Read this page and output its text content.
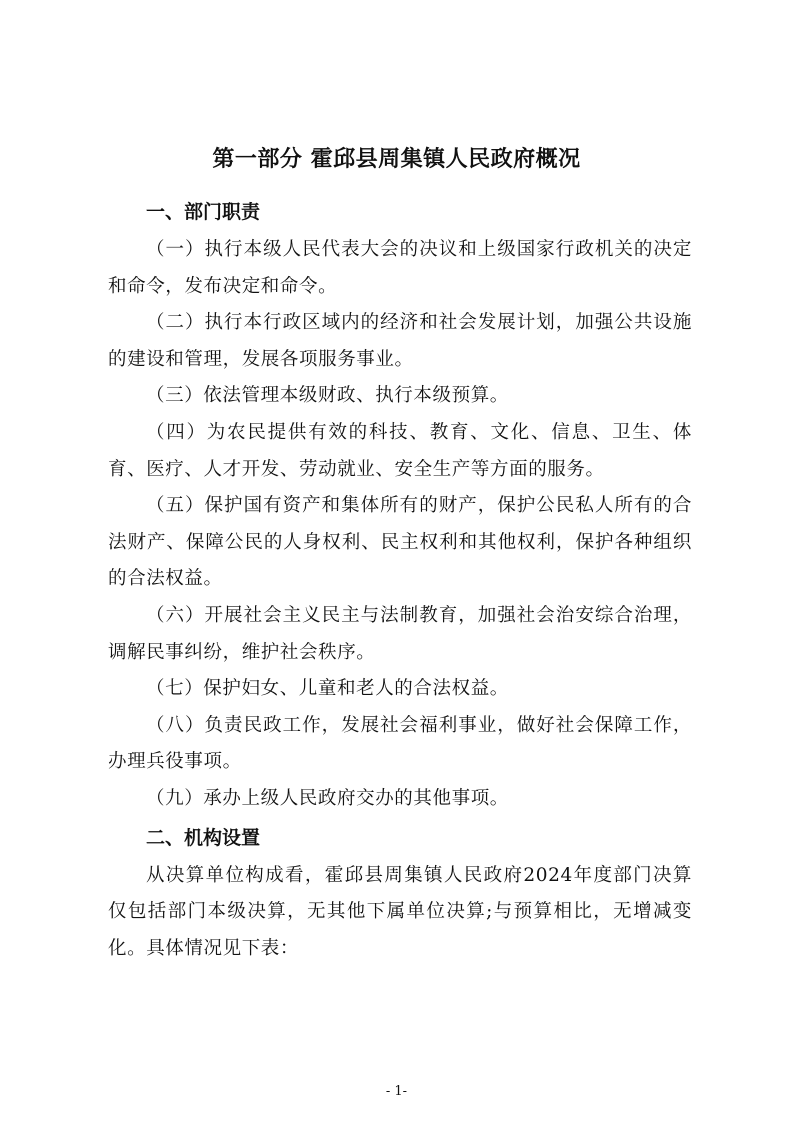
第一部分 霍邱县周集镇人民政府概况

一、部门职责

（一）执行本级人民代表大会的决议和上级国家行政机关的决定和命令，发布决定和命令。

（二）执行本行政区域内的经济和社会发展计划，加强公共设施的建设和管理，发展各项服务事业。

（三）依法管理本级财政、执行本级预算。

（四）为农民提供有效的科技、教育、文化、信息、卫生、体育、医疗、人才开发、劳动就业、安全生产等方面的服务。

（五）保护国有资产和集体所有的财产，保护公民私人所有的合法财产、保障公民的人身权利、民主权利和其他权利，保护各种组织的合法权益。

（六）开展社会主义民主与法制教育，加强社会治安综合治理，调解民事纠纷，维护社会秩序。

（七）保护妇女、儿童和老人的合法权益。

（八）负责民政工作，发展社会福利事业，做好社会保障工作，办理兵役事项。

（九）承办上级人民政府交办的其他事项。

二、机构设置

从决算单位构成看，霍邱县周集镇人民政府2024年度部门决算仅包括部门本级决算，无其他下属单位决算;与预算相比，无增减变化。具体情况见下表：

- 1-
